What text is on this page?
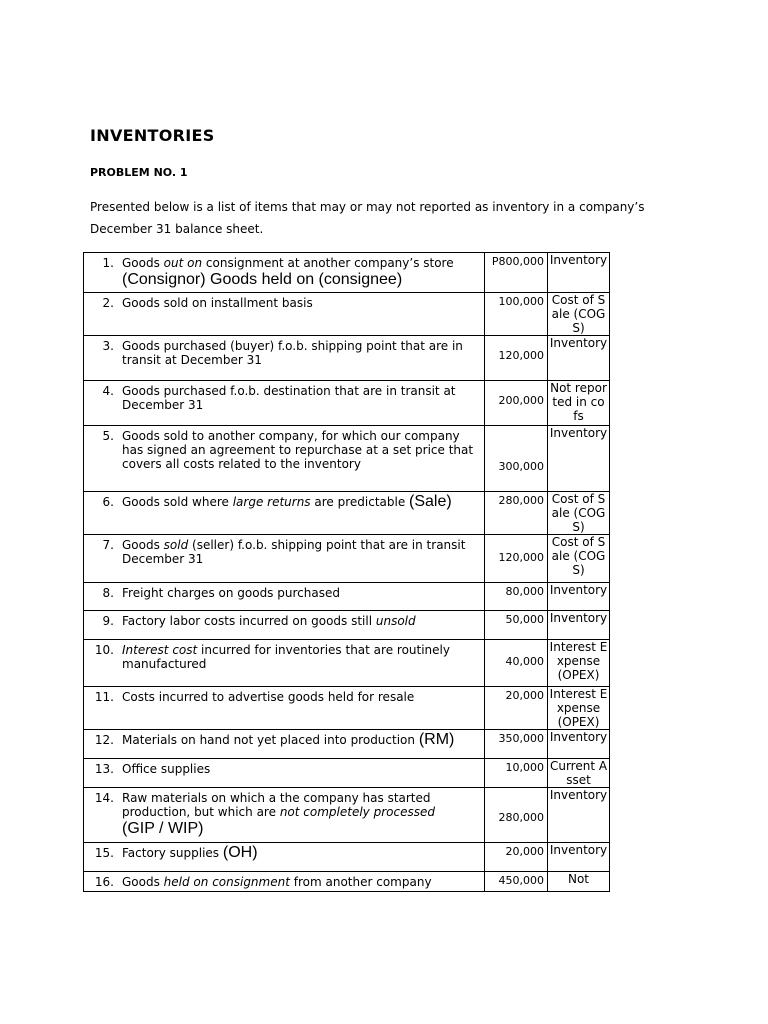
INVENTORIES
PROBLEM NO. 1
Presented below is a list of items that may or may not reported as inventory in a company’s December 31 balance sheet.
1. Goods out on consignment at another company’s store
(Consignor) Goods held on (consignee)	P800,000	Inventory

2. Goods sold on installment basis	100,000	Cost of Sale (COGS)

3. Goods purchased (buyer) f.o.b. shipping point that are in transit at December 31	120,000	Inventory

4. Goods purchased f.o.b. destination that are in transit at December 31	200,000	Not reported in co fs

5. Goods sold to another company, for which our company has signed an agreement to repurchase at a set price that covers all costs related to the inventory	300,000	Inventory

6. Goods sold where large returns are predictable (Sale)	280,000	Cost of Sale (COGS)

7. Goods sold (seller) f.o.b. shipping point that are in transit December 31	120,000	Cost of Sale (COGS)

8. Freight charges on goods purchased	80,000	Inventory

9. Factory labor costs incurred on goods still unsold	50,000	Inventory

10. Interest cost incurred for inventories that are routinely manufactured	40,000	Interest Expense (OPEX)

11. Costs incurred to advertise goods held for resale	20,000	Interest Expense (OPEX)

12. Materials on hand not yet placed into production (RM)	350,000	Inventory

13. Office supplies	10,000	Current Asset

14. Raw materials on which a the company has started production, but which are not completely processed
(GIP / WIP)	280,000	Inventory

15. Factory supplies (OH)	20,000	Inventory

16. Goods held on consignment from another company	450,000	Not
